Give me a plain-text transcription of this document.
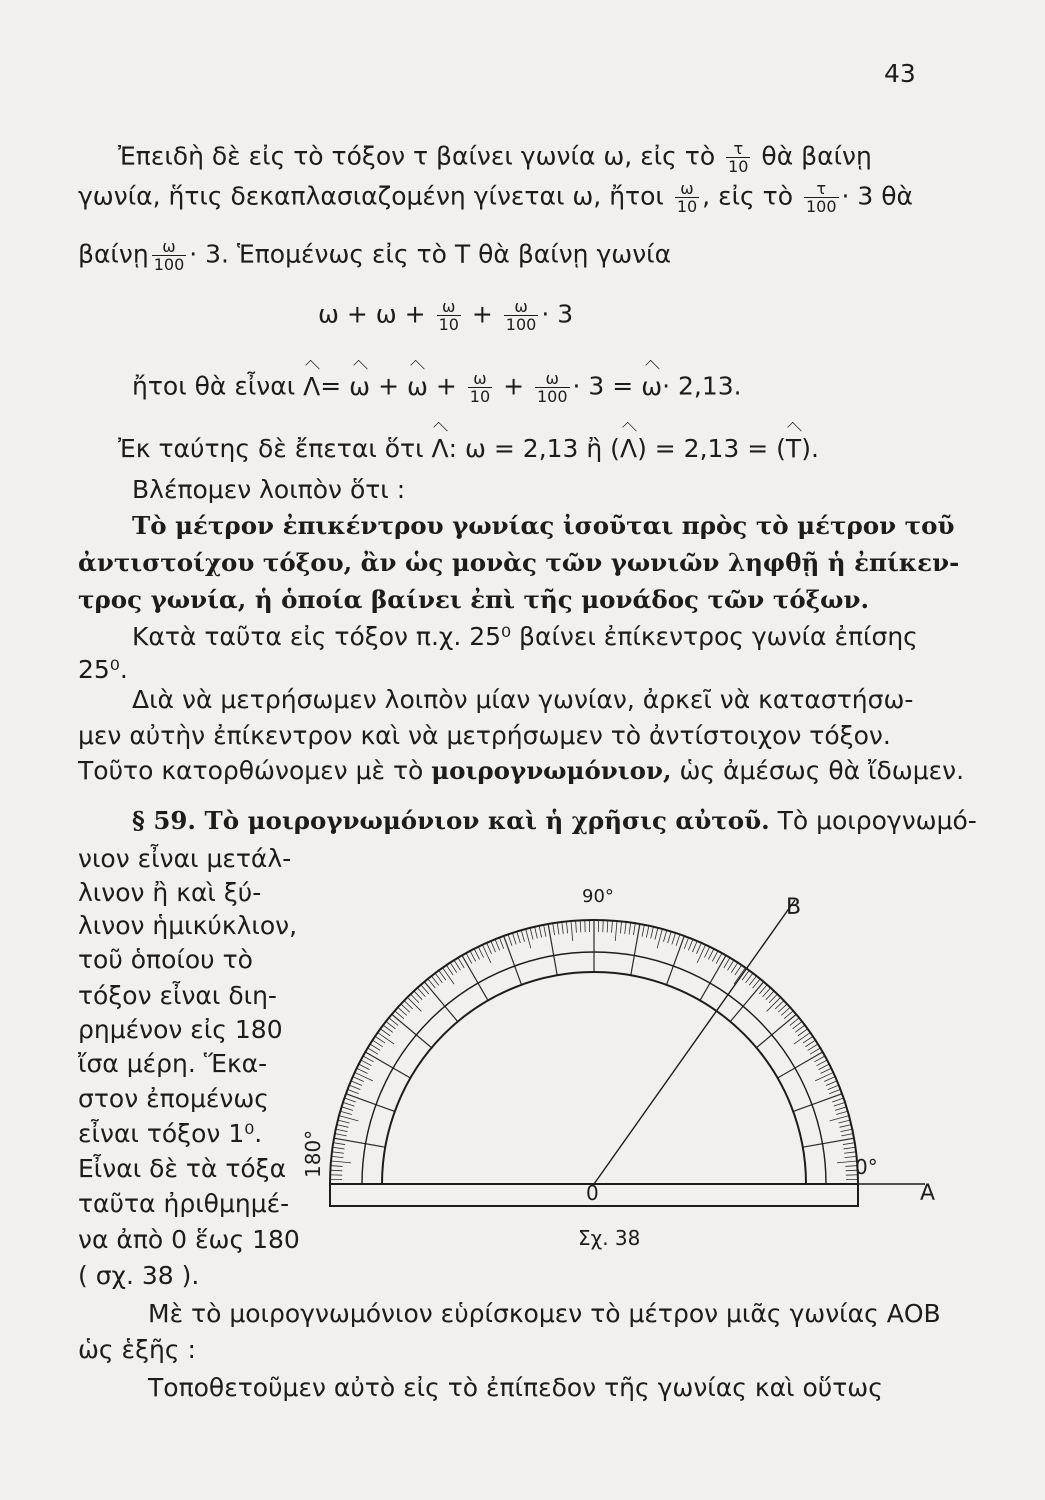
43
Ἐπειδὴ δὲ εἰς τὸ τόξον τ βαίνει γωνία ω, εἰς τὸ $\frac{\tau}{10}$ θὰ βαίνῃ
γωνία, ἥτις δεκαπλασιαζομένη γίνεται ω, ἤτοι $\frac{\omega}{10}$ , εἰς τὸ $\frac{\tau}{100} \cdot 3$ θὰ
βαίνῃ $\frac{\omega}{100} \cdot 3$. Ἑπομένως εἰς τὸ Τ θὰ βαίνῃ γωνία
$\omega + \omega + \frac{\omega}{10} + \frac{\omega}{100} \cdot 3$
ἤτοι θὰ εἶναι $\Lambda= \omega + \omega + \frac{\omega}{10} + \frac{\omega}{100} \cdot 3 = \omega\cdot 2,13$.
Ἐκ ταύτης δὲ ἔπεται ὅτι Λ: ω = 2,13 ἢ (Λ) = 2,13 = (Τ).
Βλέπομεν λοιπὸν ὅτι :
Τὸ μέτρον ἐπικέντρου γωνίας ἰσοῦται πρὸς τὸ μέτρον τοῦ
ἀντιστοίχου τόξου, ἂν ὡς μονὰς τῶν γωνιῶν ληφθῇ ἡ ἐπίκεν-
τρος γωνία, ἡ ὁποία βαίνει ἐπὶ τῆς μονάδος τῶν τόξων.
Κατὰ ταῦτα εἰς τόξον π.χ. 25⁰ βαίνει ἐπίκεντρος γωνία ἐπίσης
25⁰.
Διὰ νὰ μετρήσωμεν λοιπὸν μίαν γωνίαν, ἀρκεῖ νὰ καταστήσω-
μεν αὐτὴν ἐπίκεντρον καὶ νὰ μετρήσωμεν τὸ ἀντίστοιχον τόξον.
Τοῦτο κατορθώνομεν μὲ τὸ μοιρογνωμόνιον, ὡς ἀμέσως θὰ ἴδωμεν.
§ 59. Τὸ μοιρογνωμόνιον καὶ ἡ χρῆσις αὐτοῦ. Τὸ μοιρογνωμό-
νιον εἶναι μετάλ-
λινον ἢ καὶ ξύ-
λινον ἡμικύκλιον,
τοῦ ὁποίου τὸ
τόξον εἶναι διη-
ρημένον εἰς 180
ἴσα μέρη. Ἕκα-
στον ἐπομένως
εἶναι τόξον 1⁰.
Εἶναι δὲ τὰ τόξα
ταῦτα ἠριθμημέ-
να ἀπὸ 0 ἕως 180
( σχ. 38 ).
90°	Β
0°
180°
0	Α
Σχ. 38
Μὲ τὸ μοιρογνωμόνιον εὑρίσκομεν τὸ μέτρον μιᾶς γωνίας ΑΟΒ
ὡς ἑξῆς :
Τοποθετοῦμεν αὐτὸ εἰς τὸ ἐπίπεδον τῆς γωνίας καὶ οὕτως
